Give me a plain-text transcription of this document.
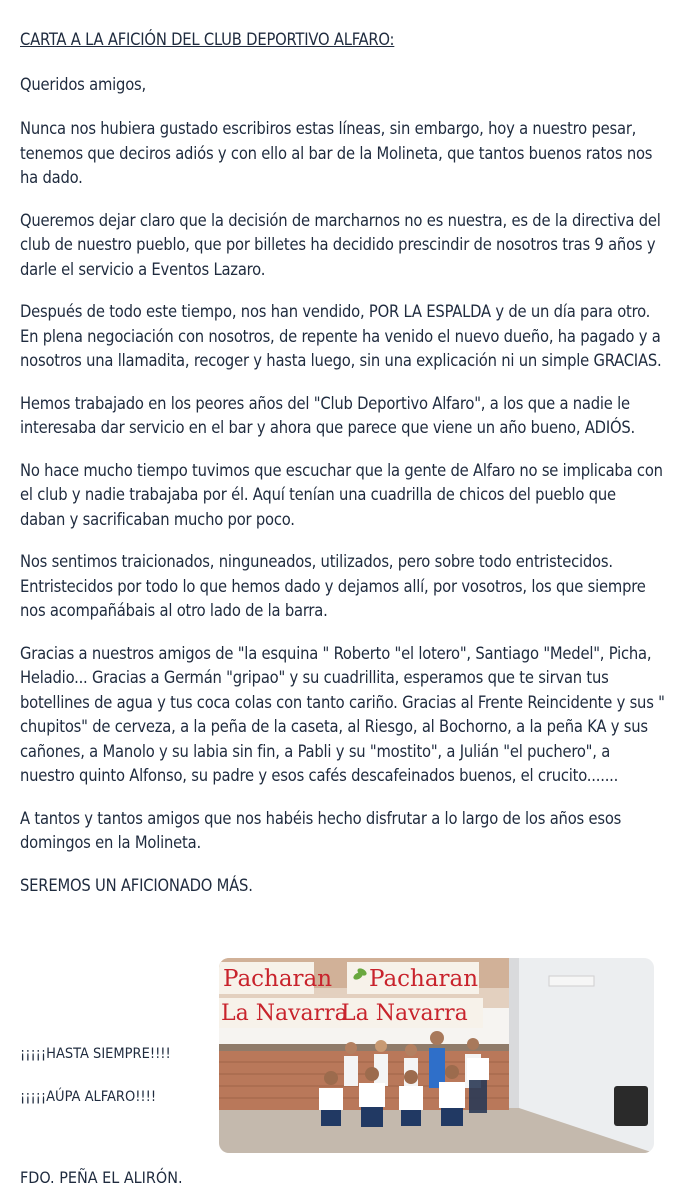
CARTA A LA AFICIÓN DEL CLUB DEPORTIVO ALFARO:

Queridos amigos,

Nunca nos hubiera gustado escribiros estas líneas, sin embargo, hoy a nuestro pesar, tenemos que deciros adiós y con ello al bar de la Molineta, que tantos buenos ratos nos ha dado.

Queremos dejar claro que la decisión de marcharnos no es nuestra, es de la directiva del club de nuestro pueblo, que por billetes ha decidido prescindir de nosotros tras 9 años y darle el servicio a Eventos Lazaro.

Después de todo este tiempo, nos han vendido, POR LA ESPALDA y de un día para otro. En plena negociación con nosotros, de repente ha venido el nuevo dueño, ha pagado y a nosotros una llamadita, recoger y hasta luego, sin una explicación ni un simple GRACIAS.

Hemos trabajado en los peores años del "Club Deportivo Alfaro", a los que a nadie le interesaba dar servicio en el bar y ahora que parece que viene un año bueno, ADIÓS.

No hace mucho tiempo tuvimos que escuchar que la gente de Alfaro no se implicaba con el club y nadie trabajaba por él. Aquí tenían una cuadrilla de chicos del pueblo que daban y sacrificaban mucho por poco.

Nos sentimos traicionados, ninguneados, utilizados, pero sobre todo entristecidos. Entristecidos por todo lo que hemos dado y dejamos allí, por vosotros, los que siempre nos acompañábais al otro lado de la barra.

Gracias a nuestros amigos de "la esquina " Roberto "el lotero", Santiago "Medel", Picha, Heladio... Gracias a Germán "gripao" y su cuadrillita, esperamos que te sirvan tus botellines de agua y tus coca colas con tanto cariño. Gracias al Frente Reincidente y sus " chupitos" de cerveza, a la peña de la caseta, al Riesgo, al Bochorno, a la peña KA y sus cañones, a Manolo y su labia sin fin, a Pabli y su "mostito", a Julián "el puchero", a nuestro quinto Alfonso, su padre y esos cafés descafeinados buenos, el crucito.......

A tantos y tantos amigos que nos habéis hecho disfrutar a lo largo de los años esos domingos en la Molineta.

SEREMOS UN AFICIONADO MÁS.

¡¡¡¡¡HASTA SIEMPRE!!!!
¡¡¡¡¡AÚPA ALFARO!!!!
Pacharan
La Navarra
Pacharan
La Navarra
FDO. PEÑA EL ALIRÓN.
